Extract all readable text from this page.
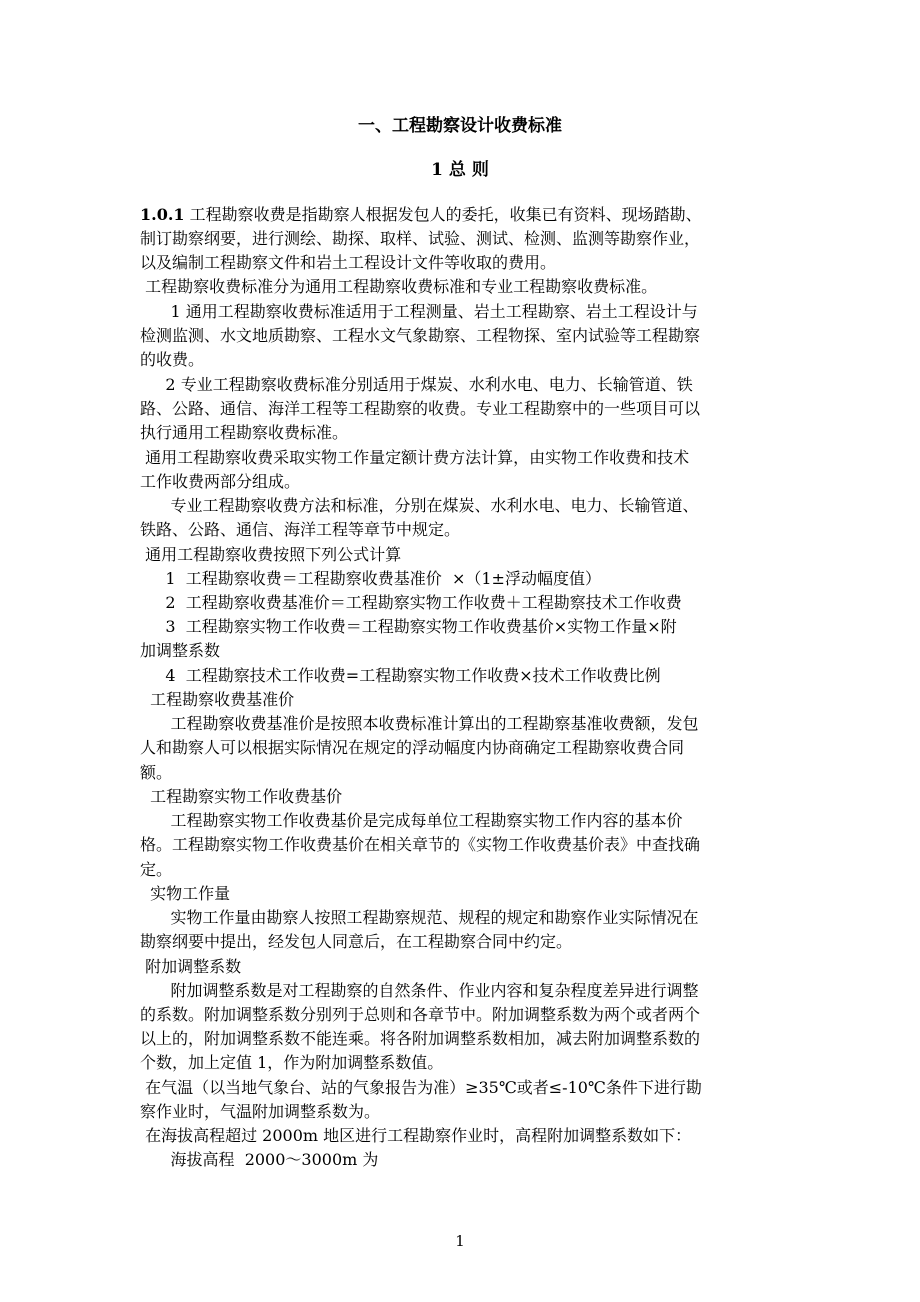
一、工程勘察设计收费标准
1 总 则
1.0.1 工程勘察收费是指勘察人根据发包人的委托，收集已有资料、现场踏勘、
制订勘察纲要，进行测绘、勘探、取样、试验、测试、检测、监测等勘察作业，
以及编制工程勘察文件和岩土工程设计文件等收取的费用。
工程勘察收费标准分为通用工程勘察收费标准和专业工程勘察收费标准。
1 通用工程勘察收费标准适用于工程测量、岩土工程勘察、岩土工程设计与
检测监测、水文地质勘察、工程水文气象勘察、工程物探、室内试验等工程勘察
的收费。
2 专业工程勘察收费标准分别适用于煤炭、水利水电、电力、长输管道、铁
路、公路、通信、海洋工程等工程勘察的收费。专业工程勘察中的一些项目可以
执行通用工程勘察收费标准。
通用工程勘察收费采取实物工作量定额计费方法计算，由实物工作收费和技术
工作收费两部分组成。
专业工程勘察收费方法和标准，分别在煤炭、水利水电、电力、长输管道、
铁路、公路、通信、海洋工程等章节中规定。
通用工程勘察收费按照下列公式计算
1  工程勘察收费＝工程勘察收费基准价  ×（1±浮动幅度值）
2  工程勘察收费基准价＝工程勘察实物工作收费＋工程勘察技术工作收费
3  工程勘察实物工作收费＝工程勘察实物工作收费基价×实物工作量×附
加调整系数
4  工程勘察技术工作收费=工程勘察实物工作收费×技术工作收费比例
工程勘察收费基准价
工程勘察收费基准价是按照本收费标准计算出的工程勘察基准收费额，发包
人和勘察人可以根据实际情况在规定的浮动幅度内协商确定工程勘察收费合同
额。
工程勘察实物工作收费基价
工程勘察实物工作收费基价是完成每单位工程勘察实物工作内容的基本价
格。工程勘察实物工作收费基价在相关章节的《实物工作收费基价表》中查找确
定。
实物工作量
实物工作量由勘察人按照工程勘察规范、规程的规定和勘察作业实际情况在
勘察纲要中提出，经发包人同意后，在工程勘察合同中约定。
附加调整系数
附加调整系数是对工程勘察的自然条件、作业内容和复杂程度差异进行调整
的系数。附加调整系数分别列于总则和各章节中。附加调整系数为两个或者两个
以上的，附加调整系数不能连乘。将各附加调整系数相加，减去附加调整系数的
个数，加上定值 1，作为附加调整系数值。
在气温（以当地气象台、站的气象报告为准）≥35℃或者≤-10℃条件下进行勘
察作业时，气温附加调整系数为。
在海拔高程超过 2000m 地区进行工程勘察作业时，高程附加调整系数如下：
海拔高程  2000～3000m 为
1
